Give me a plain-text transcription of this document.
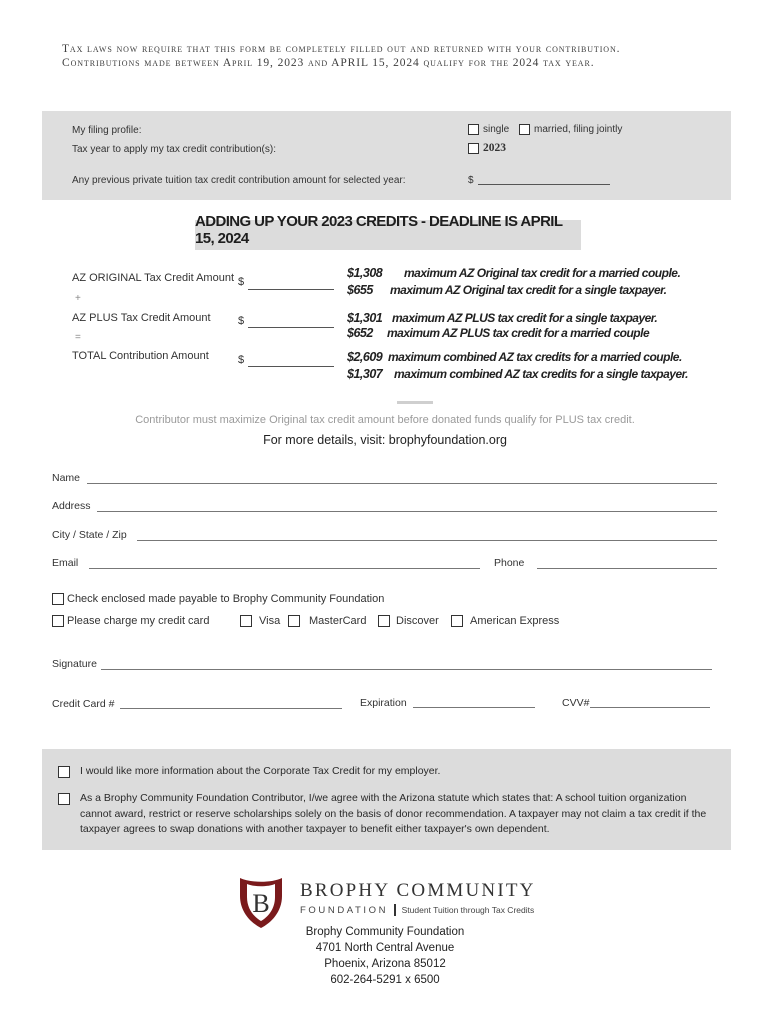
Tax laws now require that this form be completely filled out and returned with your contribution.
Contributions made between April 19, 2023 and APRIL 15, 2024 qualify for the 2024 tax year.
My filing profile:	single married, filing jointly
Tax year to apply my tax credit contribution(s):	2023
Any previous private tuition tax credit contribution amount for selected year:	$
ADDING UP YOUR 2023 CREDITS - DEADLINE IS APRIL 15, 2024
AZ ORIGINAL Tax Credit Amount $
+
AZ PLUS Tax Credit Amount $
=
TOTAL Contribution Amount	$
$1,308 maximum AZ Original tax credit for a married couple.
$655 maximum AZ Original tax credit for a single taxpayer.
$1,301 maximum AZ PLUS tax credit for a single taxpayer.
$652 maximum AZ PLUS tax credit for a married couple
$2,609 maximum combined AZ tax credits for a married couple.
$1,307 maximum combined AZ tax credits for a single taxpayer.
Contributor must maximize Original tax credit amount before donated funds qualify for PLUS tax credit.
For more details, visit: brophyfoundation.org
Name
Address
City / State / Zip
Email	Phone
Check enclosed made payable to Brophy Community Foundation
Please charge my credit card	Visa	MasterCard	Discover	American Express
Signature
Credit Card #	Expiration	CVV#
I would like more information about the Corporate Tax Credit for my employer.
As a Brophy Community Foundation Contributor, I/we agree with the Arizona statute which states that: A school tuition organization cannot award, restrict or reserve scholarships solely on the basis of donor recommendation. A taxpayer may not claim a tax credit if the taxpayer agrees to swap donations with another taxpayer to benefit either taxpayer's own dependent.
B BROPHY COMMUNITY
FOUNDATION Student Tuition through Tax Credits
Brophy Community Foundation
4701 North Central Avenue
Phoenix, Arizona 85012
602-264-5291 x 6500
